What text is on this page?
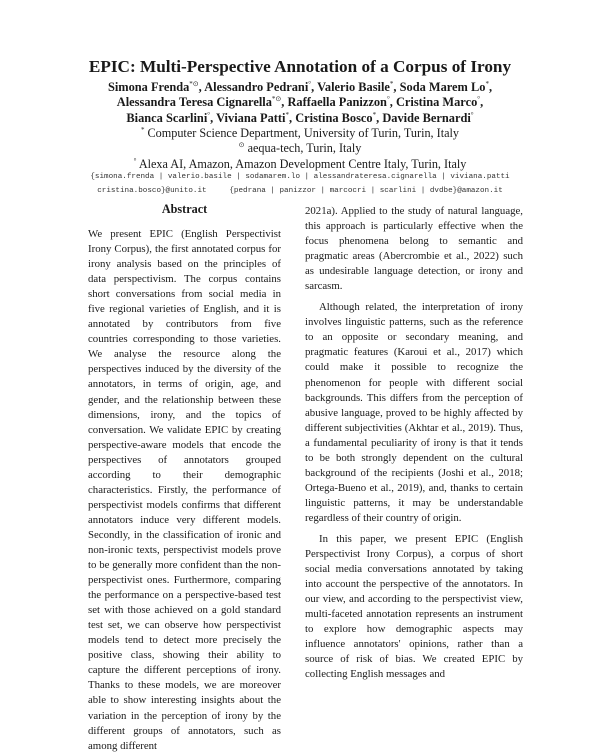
EPIC: Multi-Perspective Annotation of a Corpus of Irony
Simona Frenda*⊙, Alessandro Pedrani°, Valerio Basile*, Soda Marem Lo*,
Alessandra Teresa Cignarella*⊙, Raffaella Panizzon°, Cristina Marco°,
Bianca Scarlini°, Viviana Patti*, Cristina Bosco*, Davide Bernardi°
* Computer Science Department, University of Turin, Turin, Italy
⊙ aequa-tech, Turin, Italy
° Alexa AI, Amazon, Amazon Development Centre Italy, Turin, Italy
{simona.frenda | valerio.basile | sodamarem.lo | alessandrateresa.cignarella | viviana.patti
cristina.bosco}@unito.it     {pedrana | panizzor | marcocri | scarlini | dvdbe}@amazon.it
Abstract

We present EPIC (English Perspectivist Irony Corpus), the first annotated corpus for irony analysis based on the principles of data perspectivism. The corpus contains short conversations from social media in five regional varieties of English, and it is annotated by contributors from five countries corresponding to those varieties. We analyse the resource along the perspectives induced by the diversity of the annotators, in terms of origin, age, and gender, and the relationship between these dimensions, irony, and the topics of conversation. We validate EPIC by creating perspective-aware models that encode the perspectives of annotators grouped according to their demographic characteristics. Firstly, the performance of perspectivist models confirms that different annotators induce very different models. Secondly, in the classification of ironic and non-ironic texts, perspectivist models prove to be generally more confident than the non-perspectivist ones. Furthermore, comparing the performance on a perspective-based test set with those achieved on a gold standard test set, we can observe how perspectivist models tend to detect more precisely the positive class, showing their ability to capture the different perceptions of irony. Thanks to these models, we are moreover able to show interesting insights about the variation in the perception of irony by the different groups of annotators, such as among different

2021a). Applied to the study of natural language, this approach is particularly effective when the focus phenomena belong to semantic and pragmatic areas (Abercrombie et al., 2022) such as undesirable language detection, or irony and sarcasm.

Although related, the interpretation of irony involves linguistic patterns, such as the reference to an opposite or secondary meaning, and pragmatic features (Karoui et al., 2017) which could make it possible to recognize the phenomenon for people with different social backgrounds. This differs from the perception of abusive language, proved to be highly affected by different subjectivities (Akhtar et al., 2019). Thus, a fundamental peculiarity of irony is that it tends to be both strongly dependent on the cultural background of the recipients (Joshi et al., 2018; Ortega-Bueno et al., 2019), and, thanks to certain linguistic patterns, it may be understandable regardless of their country of origin.

In this paper, we present EPIC (English Perspectivist Irony Corpus), a corpus of short social media conversations annotated by taking into account the perspective of the annotators. In our view, and according to the perspectivist view, multi-faceted annotation represents an instrument to explore how demographic aspects may influence annotators' opinions, rather than a source of risk of bias. We created EPIC by collecting English messages and
